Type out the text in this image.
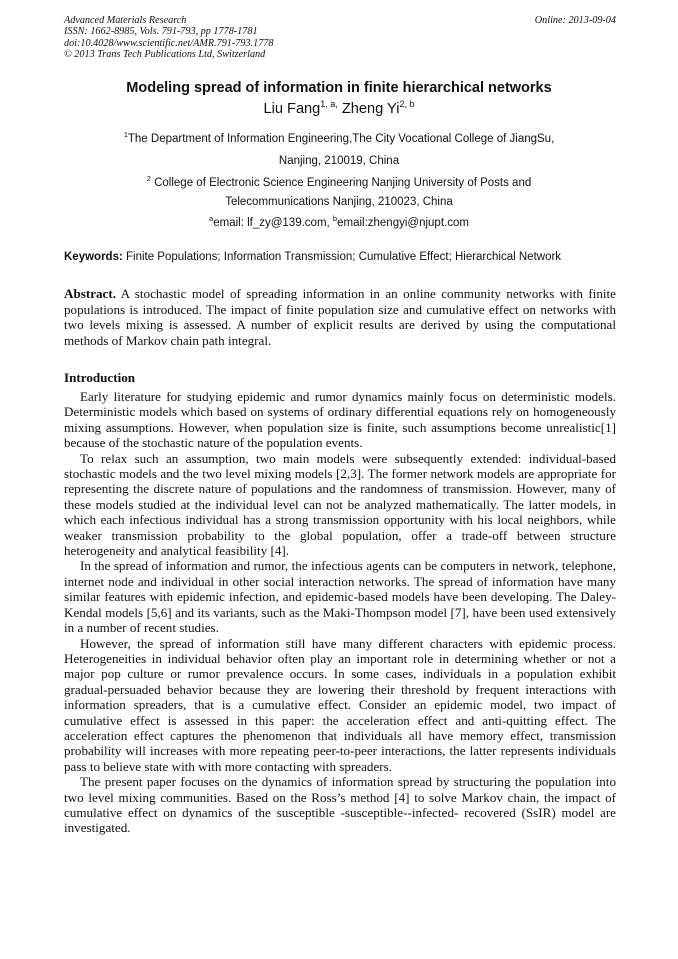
Advanced Materials Research
ISSN: 1662-8985, Vols. 791-793, pp 1778-1781
doi:10.4028/www.scientific.net/AMR.791-793.1778
© 2013 Trans Tech Publications Ltd, Switzerland
Online: 2013-09-04
Modeling spread of information in finite hierarchical networks
Liu Fang$^{1, a,}$ Zheng Yi$^{2, b}$
$^1$The Department of Information Engineering,The City Vocational College of JiangSu,
Nanjing, 210019, China
$^2$ College of Electronic Science Engineering Nanjing University of Posts and
Telecommunications Nanjing, 210023, China
$^a$email: lf_zy@139.com, $^b$email:zhengyi@njupt.com
Keywords: Finite Populations; Information Transmission; Cumulative Effect; Hierarchical Network

Abstract. A stochastic model of spreading information in an online community networks with finite populations is introduced. The impact of finite population size and cumulative effect on networks with two levels mixing is assessed. A number of explicit results are derived by using the computational methods of Markov chain path integral.

Introduction

Early literature for studying epidemic and rumor dynamics mainly focus on deterministic models. Deterministic models which based on systems of ordinary differential equations rely on homogeneously mixing assumptions. However, when population size is finite, such assumptions become unrealistic[1] because of the stochastic nature of the population events.

To relax such an assumption, two main models were subsequently extended: individual-based stochastic models and the two level mixing models [2,3]. The former network models are appropriate for representing the discrete nature of populations and the randomness of transmission. However, many of these models studied at the individual level can not be analyzed mathematically. The latter models, in which each infectious individual has a strong transmission opportunity with his local neighbors, while weaker transmission probability to the global population, offer a trade-off between structure heterogeneity and analytical feasibility [4].

In the spread of information and rumor, the infectious agents can be computers in network, telephone, internet node and individual in other social interaction networks. The spread of information have many similar features with epidemic infection, and epidemic-based models have been developing. The Daley-Kendal models [5,6] and its variants, such as the Maki-Thompson model [7], have been used extensively in a number of recent studies.

However, the spread of information still have many different characters with epidemic process. Heterogeneities in individual behavior often play an important role in determining whether or not a major pop culture or rumor prevalence occurs. In some cases, individuals in a population exhibit gradual-persuaded behavior because they are lowering their threshold by frequent interactions with information spreaders, that is a cumulative effect. Consider an epidemic model, two impact of cumulative effect is assessed in this paper: the acceleration effect and anti-quitting effect. The acceleration effect captures the phenomenon that individuals all have memory effect, transmission probability will increases with more repeating peer-to-peer interactions, the latter represents individuals pass to believe state with with more contacting with spreaders.

The present paper focuses on the dynamics of information spread by structuring the population into two level mixing communities. Based on the Ross’s method [4] to solve Markov chain, the impact of cumulative effect on dynamics of the susceptible -susceptible--infected- recovered (SsIR) model are investigated.
